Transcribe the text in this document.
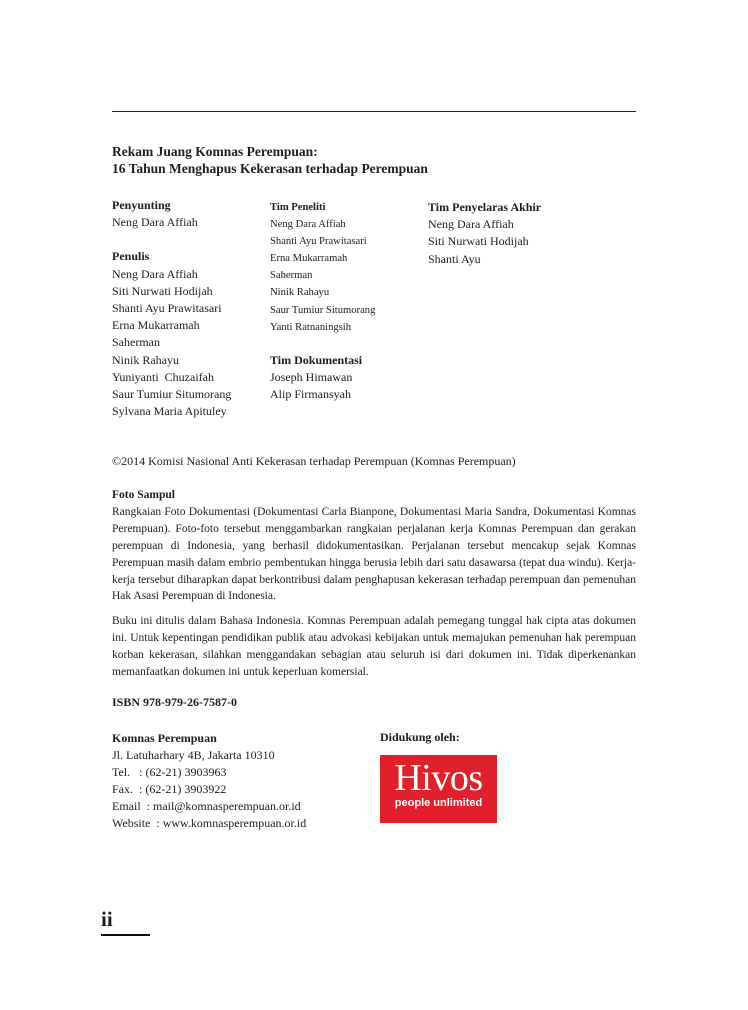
Rekam Juang Komnas Perempuan:
16 Tahun Menghapus Kekerasan terhadap Perempuan
Penyunting
Neng Dara Affiah
Penulis
Neng Dara Affiah
Siti Nurwati Hodijah
Shanti Ayu Prawitasari
Erna Mukarramah
Saherman
Ninik Rahayu
Yuniyanti  Chuzaifah
Saur Tumiur Situmorang
Sylvana Maria Apituley
Tim Peneliti
Neng Dara Affiah
Shanti Ayu Prawitasari
Erna Mukarramah
Saherman
Ninik Rahayu
Saur Tumiur Situmorang
Yanti Ratnaningsih
Tim Dokumentasi
Joseph Himawan
Alip Firmansyah
Tim Penyelaras Akhir
Neng Dara Affiah
Siti Nurwati Hodijah
Shanti Ayu
©2014 Komisi Nasional Anti Kekerasan terhadap Perempuan (Komnas Perempuan)
Foto Sampul
Rangkaian Foto Dokumentasi (Dokumentasi Carla Bianpone, Dokumentasi Maria Sandra, Dokumentasi Komnas Perempuan). Foto-foto tersebut menggambarkan rangkaian perjalanan kerja Komnas Perempuan dan gerakan perempuan di Indonesia, yang berhasil didokumentasikan. Perjalanan tersebut mencakup sejak Komnas Perempuan masih dalam embrio pembentukan hingga berusia lebih dari satu dasawarsa (tepat dua windu). Kerja-kerja tersebut diharapkan dapat berkontribusi dalam penghapusan kekerasan terhadap perempuan dan pemenuhan Hak Asasi Perempuan di Indonesia.
Buku ini ditulis dalam Bahasa Indonesia. Komnas Perempuan adalah pemegang tunggal hak cipta atas dokumen ini. Untuk kepentingan pendidikan publik atau advokasi kebijakan untuk memajukan pemenuhan hak perempuan korban kekerasan, silahkan menggandakan sebagian atau seluruh isi dari dokumen ini. Tidak diperkenankan memanfaatkan dokumen ini untuk keperluan komersial.
ISBN 978-979-26-7587-0
Komnas Perempuan
Jl. Latuharhary 4B, Jakarta 10310
Tel.   : (62-21) 3903963
Fax.  : (62-21) 3903922
Email  : mail@komnasperempuan.or.id
Website  : www.komnasperempuan.or.id
Didukung oleh:
Hivos
people unlimited
ii
